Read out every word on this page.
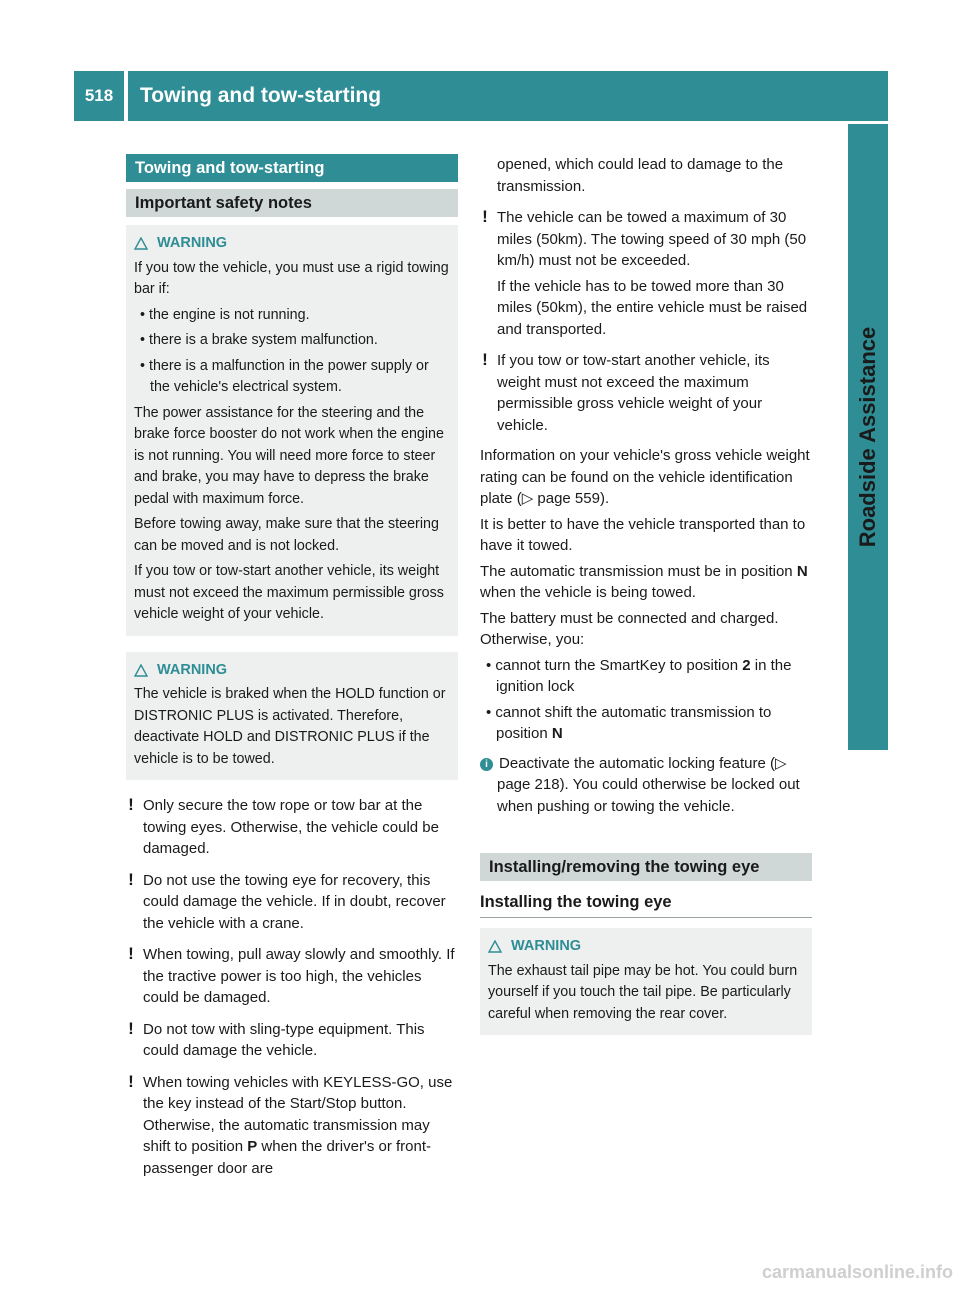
518	Towing and tow-starting
Roadside Assistance
Towing and tow-starting
Important safety notes
WARNING

If you tow the vehicle, you must use a rigid towing bar if:

• the engine is not running.

• there is a brake system malfunction.

• there is a malfunction in the power supply or the vehicle's electrical system.

The power assistance for the steering and the brake force booster do not work when the engine is not running. You will need more force to steer and brake, you may have to depress the brake pedal with maximum force.

Before towing away, make sure that the steering can be moved and is not locked.

If you tow or tow-start another vehicle, its weight must not exceed the maximum permissible gross vehicle weight of your vehicle.

WARNING

The vehicle is braked when the HOLD function or DISTRONIC PLUS is activated. Therefore, deactivate HOLD and DISTRONIC PLUS if the vehicle is to be towed.

! Only secure the tow rope or tow bar at the towing eyes. Otherwise, the vehicle could be damaged.

! Do not use the towing eye for recovery, this could damage the vehicle. If in doubt, recover the vehicle with a crane.

! When towing, pull away slowly and smoothly. If the tractive power is too high, the vehicles could be damaged.

! Do not tow with sling-type equipment. This could damage the vehicle.

! When towing vehicles with KEYLESS-GO, use the key instead of the Start/Stop button. Otherwise, the automatic transmission may shift to position P when the driver's or front-passenger door are

opened, which could lead to damage to the transmission.

! The vehicle can be towed a maximum of 30 miles (50km). The towing speed of 30 mph (50 km/h) must not be exceeded.

If the vehicle has to be towed more than 30 miles (50km), the entire vehicle must be raised and transported.

! If you tow or tow-start another vehicle, its weight must not exceed the maximum permissible gross vehicle weight of your vehicle.

Information on your vehicle's gross vehicle weight rating can be found on the vehicle identification plate (▷ page 559).

It is better to have the vehicle transported than to have it towed.

The automatic transmission must be in position N when the vehicle is being towed.

The battery must be connected and charged. Otherwise, you:

• cannot turn the SmartKey to position 2 in the ignition lock

• cannot shift the automatic transmission to position N

i Deactivate the automatic locking feature (▷ page 218). You could otherwise be locked out when pushing or towing the vehicle.

Installing/removing the towing eye
Installing the towing eye
WARNING

The exhaust tail pipe may be hot. You could burn yourself if you touch the tail pipe. Be particularly careful when removing the rear cover.

carmanualsonline.info
